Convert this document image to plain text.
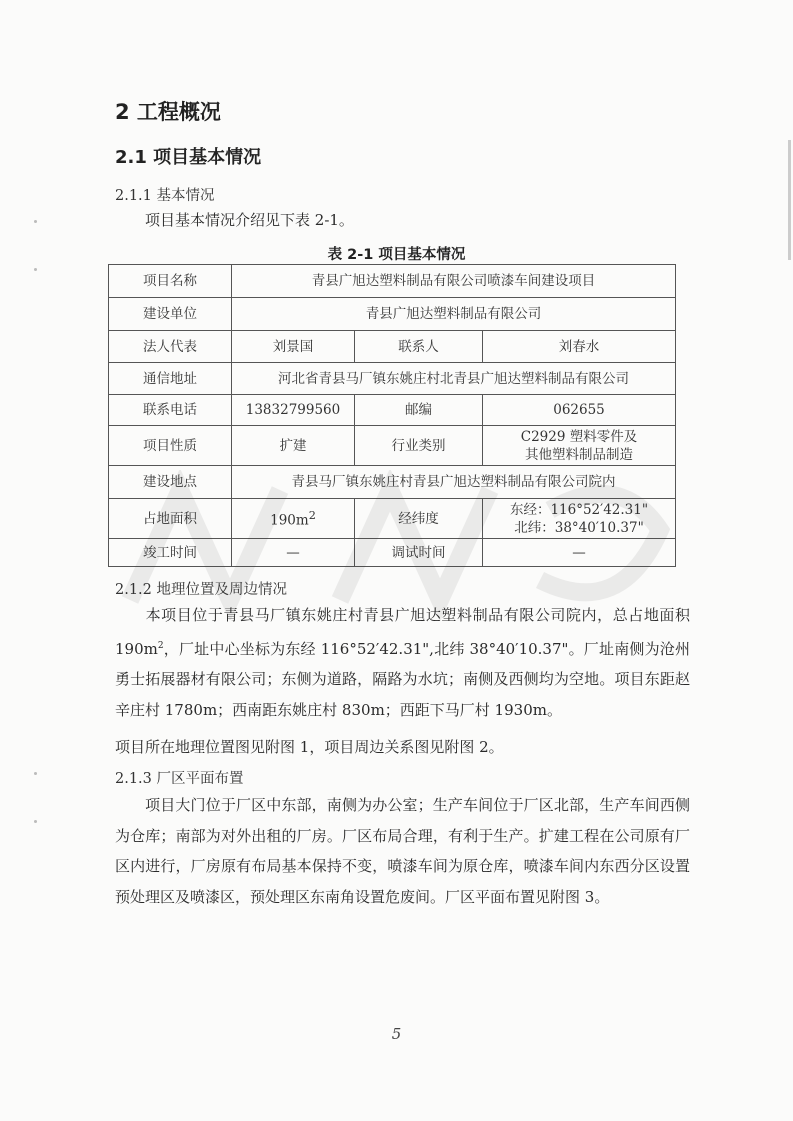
2 工程概况
2.1 项目基本情况
2.1.1 基本情况
项目基本情况介绍见下表 2-1。
表 2-1 项目基本情况
项目名称	青县广旭达塑料制品有限公司喷漆车间建设项目		
建设单位	青县广旭达塑料制品有限公司		
法人代表	刘景国	联系人	刘春水
通信地址	河北省青县马厂镇东姚庄村北青县广旭达塑料制品有限公司		
联系电话	13832799560	邮编	062655
项目性质	扩建	行业类别	C2929 塑料零件及
其他塑料制品制造
建设地点	青县马厂镇东姚庄村青县广旭达塑料制品有限公司院内		
占地面积	$190m^2$	经纬度	东经：116°52′42.31"
北纬：38°40′10.37"
竣工时间	—	调试时间	—
2.1.2 地理位置及周边情况
本项目位于青县马厂镇东姚庄村青县广旭达塑料制品有限公司院内，总占地面积 $190m^2$，厂址中心坐标为东经 116°52′42.31",北纬 38°40′10.37"。厂址南侧为沧州勇士拓展器材有限公司；东侧为道路，隔路为水坑；南侧及西侧均为空地。项目东距赵辛庄村 1780m；西南距东姚庄村 830m；西距下马厂村 1930m。
项目所在地理位置图见附图 1，项目周边关系图见附图 2。
2.1.3 厂区平面布置
项目大门位于厂区中东部，南侧为办公室；生产车间位于厂区北部，生产车间西侧为仓库；南部为对外出租的厂房。厂区布局合理，有利于生产。扩建工程在公司原有厂区内进行，厂房原有布局基本保持不变，喷漆车间为原仓库，喷漆车间内东西分区设置预处理区及喷漆区，预处理区东南角设置危废间。厂区平面布置见附图 3。
5
